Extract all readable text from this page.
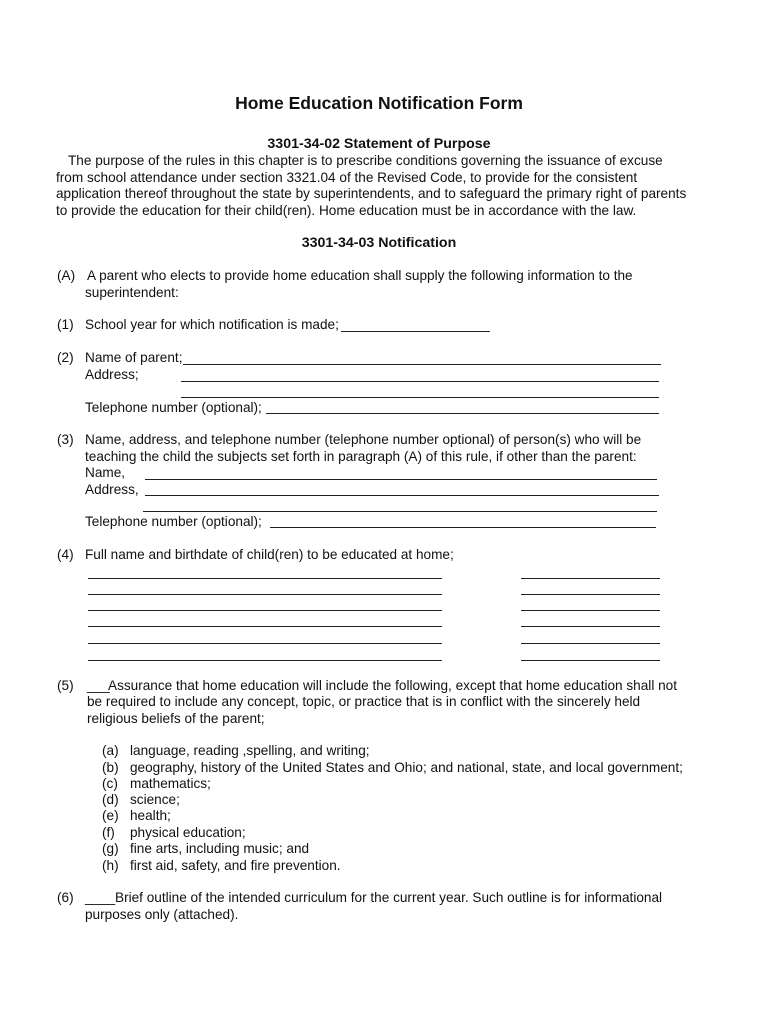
Home Education Notification Form
3301-34-02 Statement of Purpose
The purpose of the rules in this chapter is to prescribe conditions governing the issuance of excuse
from school attendance under section 3321.04 of the Revised Code, to provide for the consistent
application thereof throughout the state by superintendents, and to safeguard the primary right of parents
to provide the education for their child(ren). Home education must be in accordance with the law.
3301-34-03 Notification
(A) A parent who elects to provide home education shall supply the following information to the
superintendent:
(1) School year for which notification is made;
(2) Name of parent;
Address;
Telephone number (optional);
(3) Name, address, and telephone number (telephone number optional) of person(s) who will be
teaching the child the subjects set forth in paragraph (A) of this rule, if other than the parent:
Name,
Address,
Telephone number (optional);
(4) Full name and birthdate of child(ren) to be educated at home;
(5) ___
Assurance that home education will include the following, except that home education shall not
be required to include any concept, topic, or practice that is in conflict with the sincerely held
religious beliefs of the parent;
(a) language, reading ,spelling, and writing;
(b) geography, history of the United States and Ohio; and national, state, and local government;
(c) mathematics;
(d) science;
(e) health;
(f) physical education;
(g) fine arts, including music; and
(h) first aid, safety, and fire prevention.
(6) ____ Brief outline of the intended curriculum for the current year. Such outline is for informational
purposes only (attached).
